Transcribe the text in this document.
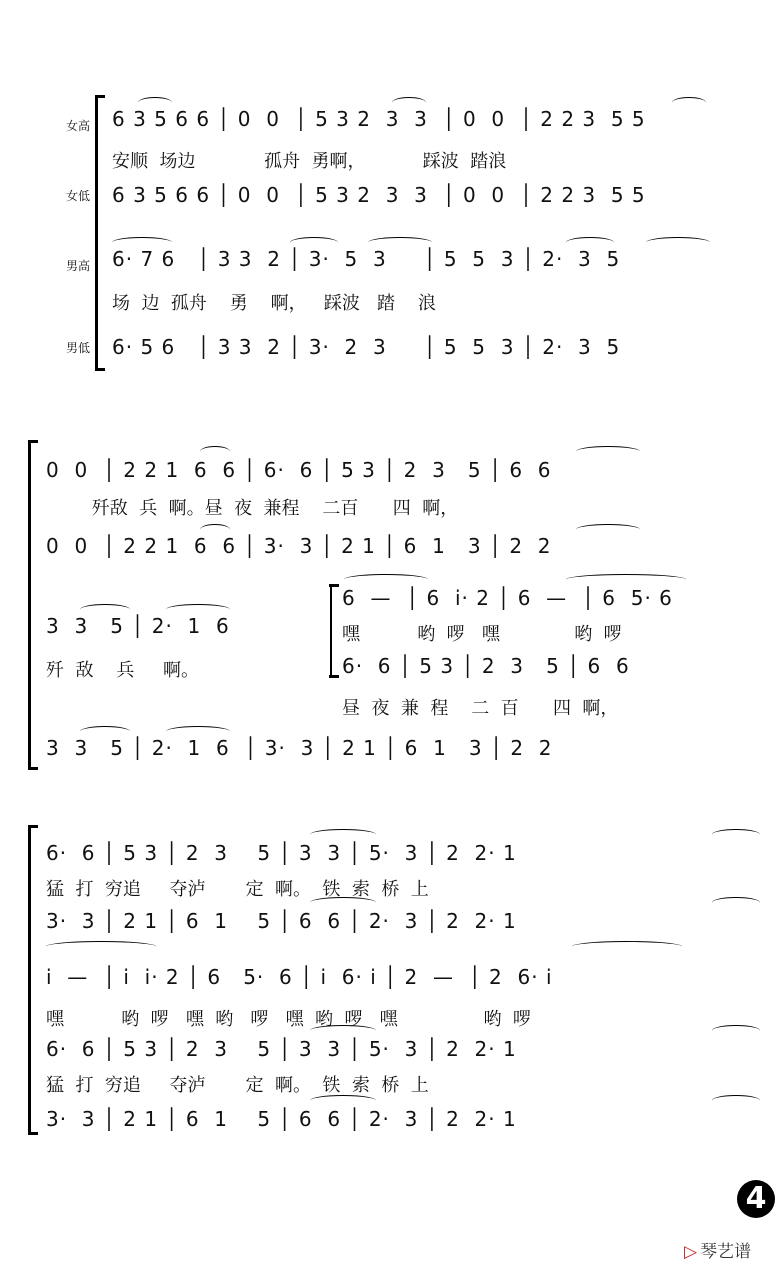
女高 6 3 5 6 6 │ 0  0  │ 5 3 2  3  3  │ 0  0  │ 2 2 3  5 5
安顺  场边            孤舟  勇啊，          踩波  踏浪
女低 6 3 5 6 6 │ 0  0  │ 5 3 2  3  3  │ 0  0  │ 2 2 3  5 5
男高 6· 7 6   │ 3 3  2 │ 3·  5  3     │ 5  5  3 │ 2·  3  5
场  边  孤舟    勇    啊，   踩波   踏    浪
男低 6· 5 6   │ 3 3  2 │ 3·  2  3     │ 5  5  3 │ 2·  3  5
0  0  │ 2 2 1  6  6 │ 6·  6 │ 5 3 │ 2  3   5 │ 6  6
歼敌  兵  啊。昼  夜  兼程    二百      四  啊，
0  0  │ 2 2 1  6  6 │ 3·  3 │ 2 1 │ 6  1   3 │ 2  2
3  3   5 │ 2·  1  6
歼  敌    兵     啊。
6  —  │ 6  i· 2 │ 6  —  │ 6  5· 6
嘿          哟  啰   嘿             哟  啰
6·  6 │ 5 3 │ 2  3   5 │ 6  6
昼  夜  兼  程    二  百      四  啊，
3  3   5 │ 2·  1  6  │ 3·  3 │ 2 1 │ 6  1   3 │ 2  2
6·  6 │ 5 3 │ 2  3    5 │ 3  3 │ 5·  3 │ 2  2· 1
猛  打  穷追     夺泸       定  啊。  铁  索  桥  上
3·  3 │ 2 1 │ 6  1    5 │ 6  6 │ 2·  3 │ 2  2· 1
i  —  │ i  i· 2 │ 6   5·  6 │ i  6· i │ 2  —  │ 2  6· i
嘿          哟  啰   嘿  哟   啰   嘿  哟  啰   嘿               哟  啰
6·  6 │ 5 3 │ 2  3    5 │ 3  3 │ 5·  3 │ 2  2· 1
猛  打  穷追     夺泸       定  啊。  铁  索  桥  上
3·  3 │ 2 1 │ 6  1    5 │ 6  6 │ 2·  3 │ 2  2· 1
4
▷ 琴艺谱
